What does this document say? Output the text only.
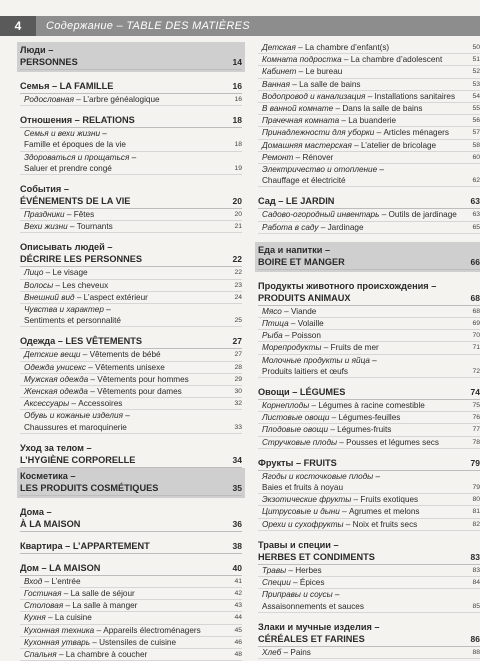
4	Содержание – TABLE DES MATIÈRES
Люди –
PERSONNES	14
Семья – LA FAMILLE	16
Родословная – L’arbre généalogique	16
Отношения – RELATIONS	18
Семья и вехи жизни –
Famille et époques de la vie	18
Здороваться и прощаться –
Saluer et prendre congé	19
События –
ÉVÉNEMENTS DE LA VIE	20
Праздники – Fêtes	20
Вехи жизни – Tournants	21
Описывать людей –
DÉCRIRE LES PERSONNES	22
Лицо – Le visage	22
Волосы – Les cheveux	23
Внешний вид – L’aspect extérieur	24
Чувства и характер –
Sentiments et personnalité	25
Одежда – LES VÊTEMENTS	27
Детские вещи – Vêtements de bébé	27
Одежда унисекс – Vêtements unisexe	28
Мужская одежда – Vêtements pour hommes	29
Женская одежда – Vêtements pour dames	30
Аксессуары – Accessoires	32
Обувь и кожаные изделия –
Chaussures et maroquinerie	33
Уход за телом –
L’HYGIÈNE CORPORELLE	34
Косметика –
LES PRODUITS COSMÉTIQUES	35
Дома –
À LA MAISON	36
Квартира – L’APPARTEMENT	38
Дом – LA MAISON	40
Вход – L’entrée	41
Гостиная – La salle de séjour	42
Столовая – La salle à manger	43
Кухня – La cuisine	44
Кухонная техника – Appareils électroménagers	45
Кухонная утварь – Ustensiles de cuisine	46
Спальня – La chambre à coucher	48
Детская – La chambre d’enfant(s)	50
Комната подростка – La chambre d’adolescent	51
Кабинет – Le bureau	52
Ванная – La salle de bains	53
Водопровод и канализация – Installations sanitaires	54
В ванной комнате – Dans la salle de bains	55
Прачечная комната – La buanderie	56
Принадлежности для уборки – Articles ménagers	57
Домашняя мастерская – L’atelier de bricolage	58
Ремонт – Rénover	60
Электричество и отопление –
Chauffage et électricité	62
Сад – LE JARDIN	63
Садово-огородный инвентарь – Outils de jardinage	63
Работа в саду – Jardinage	65
Еда и напитки –
BOIRE ET MANGER	66
Продукты животного происхождения –
PRODUITS ANIMAUX	68
Мясо – Viande	68
Птица – Volaille	69
Рыба – Poisson	70
Морепродукты – Fruits de mer	71
Молочные продукты и яйца –
Produits laitiers et œufs	72
Овощи – LÉGUMES	74
Корнеплоды – Légumes à racine comestible	75
Листовые овощи – Légumes-feuilles	76
Плодовые овощи – Légumes-fruits	77
Стручковые плоды – Pousses et légumes secs	78
Фрукты – FRUITS	79
Ягоды и косточковые плоды –
Baies et fruits à noyau	79
Экзотические фрукты – Fruits exotiques	80
Цитрусовые и дыни – Agrumes et melons	81
Орехи и сухофрукты – Noix et fruits secs	82
Травы и специи –
HERBES ET CONDIMENTS	83
Травы – Herbes	83
Специи – Épices	84
Приправы и соусы –
Assaisonnements et sauces	85
Злаки и мучные изделия –
CÉRÉALES ET FARINES	86
Хлеб – Pains	88
